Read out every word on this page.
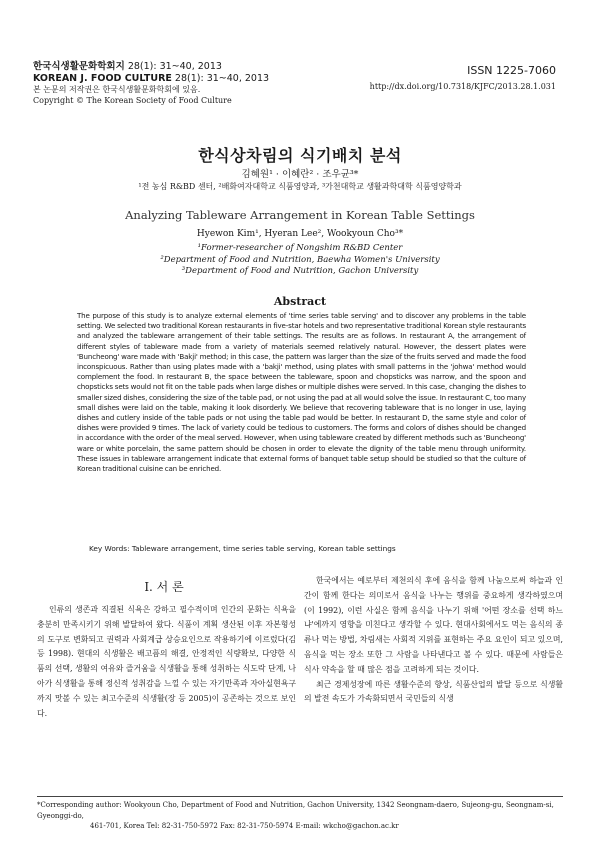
한국식생활문화학회지 28(1): 31~40, 2013
KOREAN J. FOOD CULTURE 28(1): 31~40, 2013
본 논문의 저작권은 한국식생활문화학회에 있음.
Copyright © The Korean Society of Food Culture
ISSN 1225-7060
http://dx.doi.org/10.7318/KJFC/2013.28.1.031
한식상차림의 식기배치 분석
김혜원¹ · 이혜란² · 조우균³*
¹전 농심 R&BD 센터, ²배화여자대학교 식품영양과, ³가천대학교 생활과학대학 식품영양학과
Analyzing Tableware Arrangement in Korean Table Settings
Hyewon Kim¹, Hyeran Lee², Wookyoun Cho³*
¹Former-researcher of Nongshim R&BD Center
²Department of Food and Nutrition, Baewha Women's University
³Department of Food and Nutrition, Gachon University
Abstract
The purpose of this study is to analyze external elements of 'time series table serving' and to discover any problems in the table setting. We selected two traditional Korean restaurants in five-star hotels and two representative traditional Korean style restaurants and analyzed the tableware arrangement of their table settings. The results are as follows. In restaurant A, the arrangement of different styles of tableware made from a variety of materials seemed relatively natural. However, the dessert plates were 'Buncheong' ware made with 'Bakji' method; in this case, the pattern was larger than the size of the fruits served and made the food inconspicuous. Rather than using plates made with a 'bakji' method, using plates with small patterns in the 'johwa' method would complement the food. In restaurant B, the space between the tableware, spoon and chopsticks was narrow, and the spoon and chopsticks sets would not fit on the table pads when large dishes or multiple dishes were served. In this case, changing the dishes to smaller sized dishes, considering the size of the table pad, or not using the pad at all would solve the issue. In restaurant C, too many small dishes were laid on the table, making it look disorderly. We believe that recovering tableware that is no longer in use, laying dishes and cutlery inside of the table pads or not using the table pad would be better. In restaurant D, the same style and color of dishes were provided 9 times. The lack of variety could be tedious to customers. The forms and colors of dishes should be changed in accordance with the order of the meal served. However, when using tableware created by different methods such as 'Buncheong' ware or white porcelain, the same pattern should be chosen in order to elevate the dignity of the table menu through uniformity. These issues in tableware arrangement indicate that external forms of banquet table setup should be studied so that the culture of Korean traditional cuisine can be enriched.
Key Words: Tableware arrangement, time series table serving, Korean table settings
Ⅰ. 서 론

인류의 생존과 직결된 식욕은 강하고 필수적이며 인간의 문화는 식욕을 충분히 만족시키기 위해 발달하여 왔다. 식품이 계획 생산된 이후 자본형성의 도구로 변화되고 권력과 사회계급 상승요인으로 작용하기에 이르렀다(김 등 1998). 현대의 식생활은 배고픔의 해결, 안정적인 식량확보, 다양한 식품의 선택, 생활의 여유와 즐거움을 식생활을 통해 성취하는 식도락 단계, 나아가 식생활을 통해 정신적 성취감을 느낄 수 있는 자기만족과 자아실현욕구까지 맛볼 수 있는 최고수준의 식생활(장 등 2005)이 공존하는 것으로 보인다.

한국에서는 예로부터 제천의식 후에 음식을 함께 나눔으로써 하늘과 인간이 함께 한다는 의미로서 음식을 나누는 행위를 중요하게 생각하였으며(이 1992), 이런 사실은 함께 음식을 나누기 위해 '어떤 장소를 선택 하느냐'에까지 영향을 미친다고 생각할 수 있다. 현대사회에서도 먹는 음식의 종류나 먹는 방법, 차림새는 사회적 지위를 표현하는 주요 요인이 되고 있으며, 음식을 먹는 장소 또한 그 사람을 나타낸다고 볼 수 있다. 때문에 사람들은 식사 약속을 할 때 많은 점을 고려하게 되는 것이다.

최근 경제성장에 따른 생활수준의 향상, 식품산업의 발달 등으로 식생활의 발전 속도가 가속화되면서 국민들의 식생

*Corresponding author: Wookyoun Cho, Department of Food and Nutrition, Gachon University, 1342 Seongnam-daero, Sujeong-gu, Seongnam-si, Gyeonggi-do,
461-701, Korea Tel: 82-31-750-5972 Fax: 82-31-750-5974 E-mail: wkcho@gachon.ac.kr
